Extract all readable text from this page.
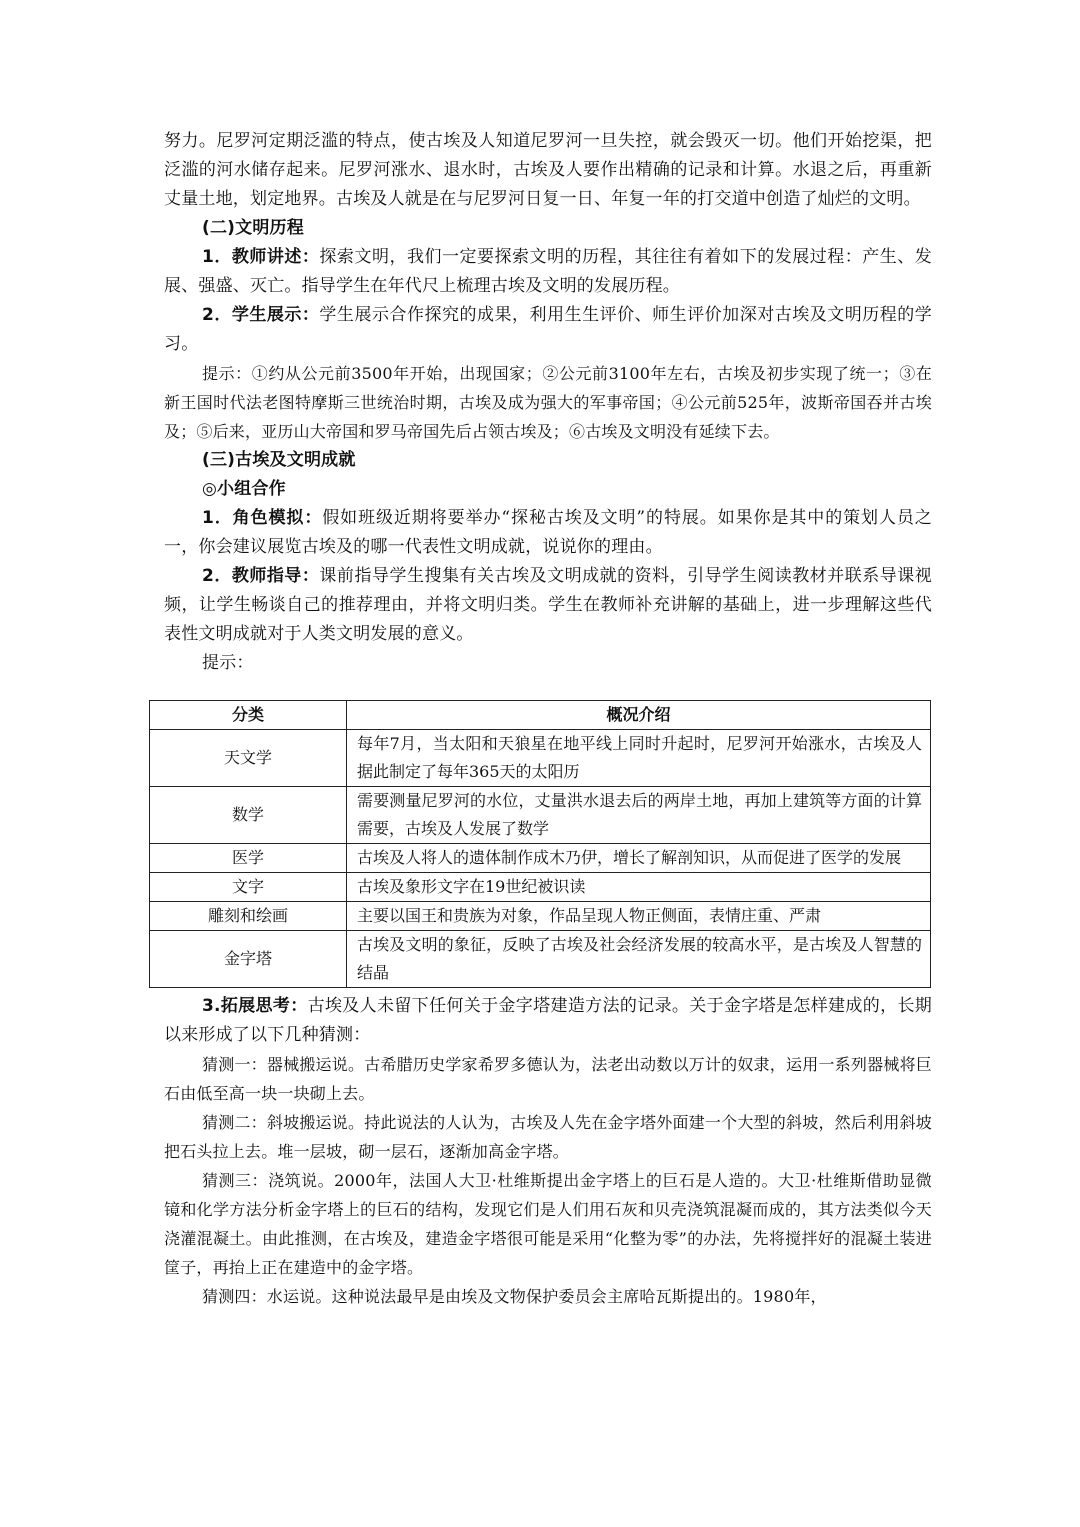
努力。尼罗河定期泛滥的特点，使古埃及人知道尼罗河一旦失控，就会毁灭一切。他们开始挖渠，把泛滥的河水储存起来。尼罗河涨水、退水时，古埃及人要作出精确的记录和计算。水退之后，再重新丈量土地，划定地界。古埃及人就是在与尼罗河日复一日、年复一年的打交道中创造了灿烂的文明。

(二)文明历程

1．教师讲述：探索文明，我们一定要探索文明的历程，其往往有着如下的发展过程：产生、发展、强盛、灭亡。指导学生在年代尺上梳理古埃及文明的发展历程。

2．学生展示：学生展示合作探究的成果，利用生生评价、师生评价加深对古埃及文明历程的学习。

提示：①约从公元前3500年开始，出现国家；②公元前3100年左右，古埃及初步实现了统一；③在新王国时代法老图特摩斯三世统治时期，古埃及成为强大的军事帝国；④公元前525年，波斯帝国吞并古埃及；⑤后来，亚历山大帝国和罗马帝国先后占领古埃及；⑥古埃及文明没有延续下去。

(三)古埃及文明成就

◎小组合作

1．角色模拟：假如班级近期将要举办“探秘古埃及文明”的特展。如果你是其中的策划人员之一，你会建议展览古埃及的哪一代表性文明成就，说说你的理由。

2．教师指导：课前指导学生搜集有关古埃及文明成就的资料，引导学生阅读教材并联系导课视频，让学生畅谈自己的推荐理由，并将文明归类。学生在教师补充讲解的基础上，进一步理解这些代表性文明成就对于人类文明发展的意义。

提示：

分类	概况介绍
天文学	每年7月，当太阳和天狼星在地平线上同时升起时，尼罗河开始涨水，古埃及人据此制定了每年365天的太阳历
数学	需要测量尼罗河的水位，丈量洪水退去后的两岸土地，再加上建筑等方面的计算需要，古埃及人发展了数学
医学	古埃及人将人的遗体制作成木乃伊，增长了解剖知识，从而促进了医学的发展
文字	古埃及象形文字在19世纪被识读
雕刻和绘画	主要以国王和贵族为对象，作品呈现人物正侧面，表情庄重、严肃
金字塔	古埃及文明的象征，反映了古埃及社会经济发展的较高水平，是古埃及人智慧的结晶

3.拓展思考：古埃及人未留下任何关于金字塔建造方法的记录。关于金字塔是怎样建成的，长期以来形成了以下几种猜测：

猜测一：器械搬运说。古希腊历史学家希罗多德认为，法老出动数以万计的奴隶，运用一系列器械将巨石由低至高一块一块砌上去。

猜测二：斜坡搬运说。持此说法的人认为，古埃及人先在金字塔外面建一个大型的斜坡，然后利用斜坡把石头拉上去。堆一层坡，砌一层石，逐渐加高金字塔。

猜测三：浇筑说。2000年，法国人大卫·杜维斯提出金字塔上的巨石是人造的。大卫·杜维斯借助显微镜和化学方法分析金字塔上的巨石的结构，发现它们是人们用石灰和贝壳浇筑混凝而成的，其方法类似今天浇灌混凝土。由此推测，在古埃及，建造金字塔很可能是采用“化整为零”的办法，先将搅拌好的混凝土装进筐子，再抬上正在建造中的金字塔。

猜测四：水运说。这种说法最早是由埃及文物保护委员会主席哈瓦斯提出的。1980年，
